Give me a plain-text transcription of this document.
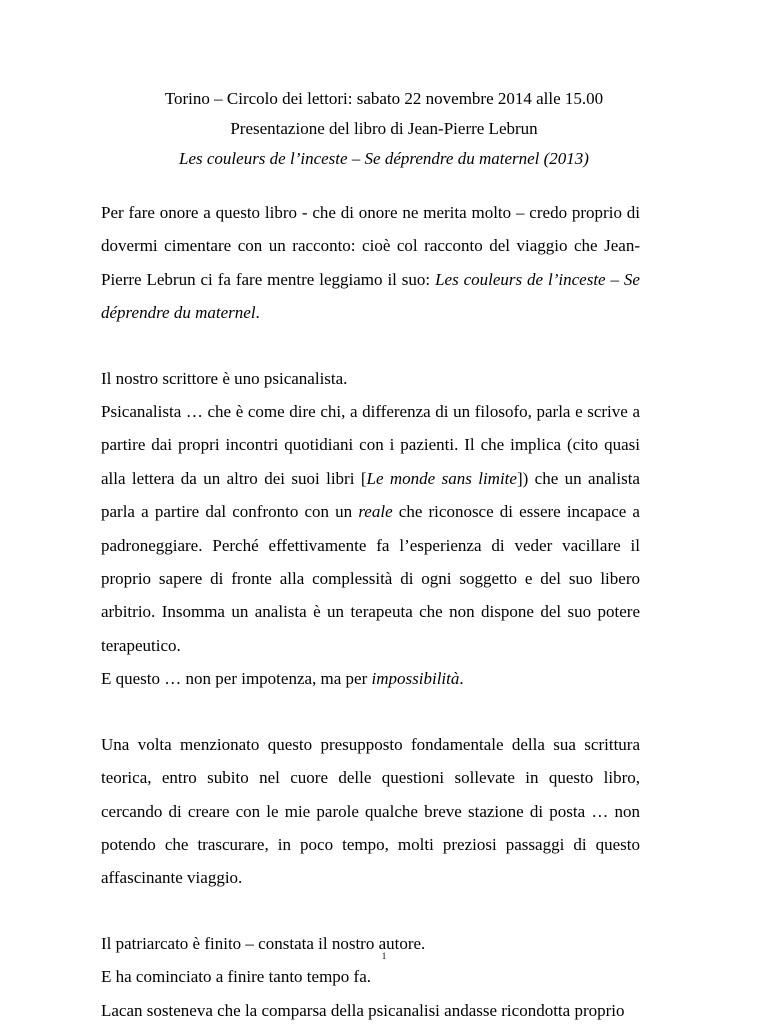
Torino – Circolo dei lettori: sabato 22 novembre 2014 alle 15.00
Presentazione del libro di Jean-Pierre Lebrun
Les couleurs de l’inceste – Se déprendre du maternel (2013)

Per fare onore a questo libro - che di onore ne merita molto – credo proprio di dovermi cimentare con un racconto: cioè col racconto del viaggio che Jean-Pierre Lebrun ci fa fare mentre leggiamo il suo: Les couleurs de l’inceste – Se déprendre du maternel.

Il nostro scrittore è uno psicanalista.

Psicanalista … che è come dire chi, a differenza di un filosofo, parla e scrive a partire dai propri incontri quotidiani con i pazienti. Il che implica (cito quasi alla lettera da un altro dei suoi libri [Le monde sans limite]) che un analista parla a partire dal confronto con un reale che riconosce di essere incapace a padroneggiare. Perché effettivamente fa l’esperienza di veder vacillare il proprio sapere di fronte alla complessità di ogni soggetto e del suo libero arbitrio. Insomma un analista è un terapeuta che non dispone del suo potere terapeutico.

E questo … non per impotenza, ma per impossibilità.

Una volta menzionato questo presupposto fondamentale della sua scrittura teorica, entro subito nel cuore delle questioni sollevate in questo libro, cercando di creare con le mie parole qualche breve stazione di posta … non potendo che trascurare, in poco tempo, molti preziosi passaggi di questo affascinante viaggio.

Il patriarcato è finito – constata il nostro autore.

E ha cominciato a finire tanto tempo fa.

Lacan sosteneva che la comparsa della psicanalisi andasse ricondotta proprio

1
